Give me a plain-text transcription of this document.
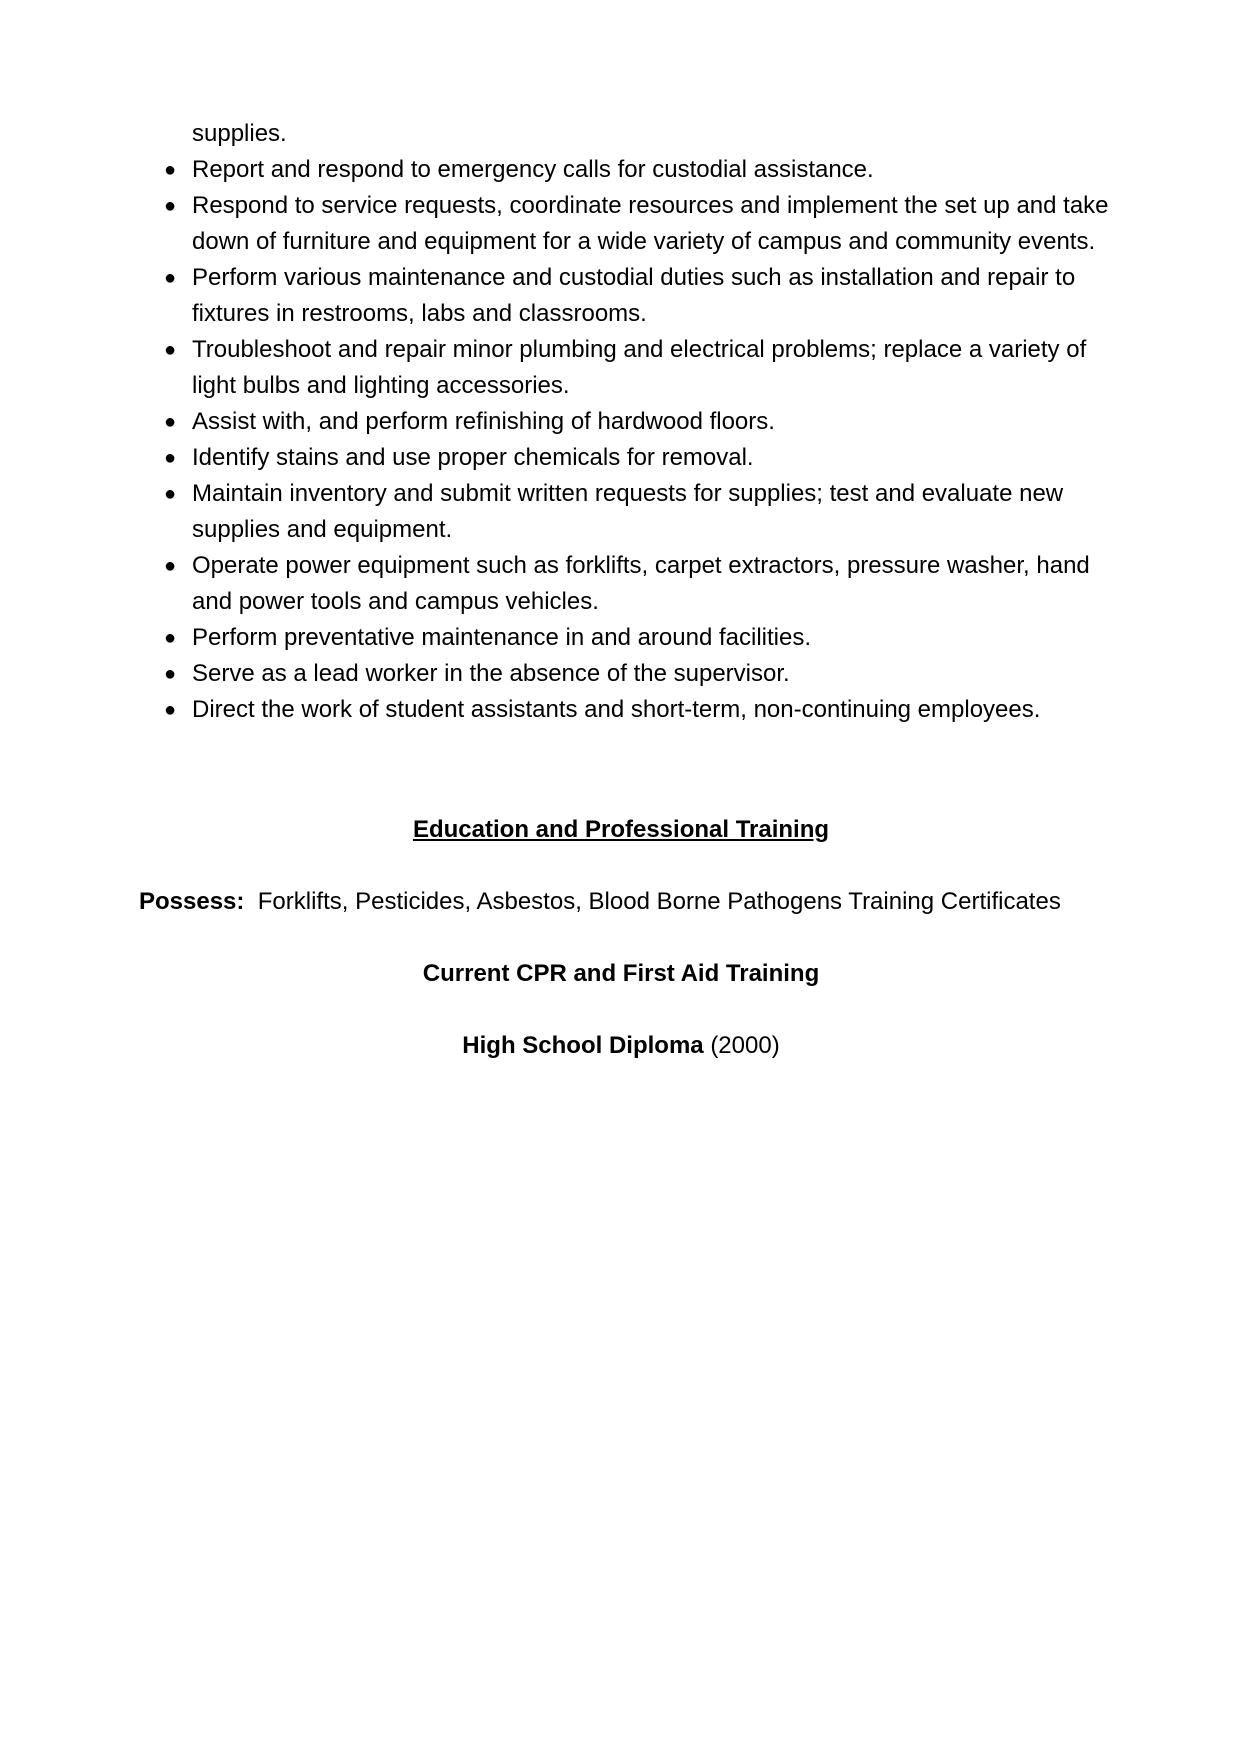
supplies.

● Report and respond to emergency calls for custodial assistance.
● Respond to service requests, coordinate resources and implement the set up and take down of furniture and equipment for a wide variety of campus and community events.
● Perform various maintenance and custodial duties such as installation and repair to fixtures in restrooms, labs and classrooms.
● Troubleshoot and repair minor plumbing and electrical problems; replace a variety of light bulbs and lighting accessories.
● Assist with, and perform refinishing of hardwood floors.
● Identify stains and use proper chemicals for removal.
● Maintain inventory and submit written requests for supplies; test and evaluate new supplies and equipment.
● Operate power equipment such as forklifts, carpet extractors, pressure washer, hand and power tools and campus vehicles.
● Perform preventative maintenance in and around facilities.
● Serve as a lead worker in the absence of the supervisor.
● Direct the work of student assistants and short-term, non-continuing employees.
Education and Professional Training

Possess: Forklifts, Pesticides, Asbestos, Blood Borne Pathogens Training Certificates

Current CPR and First Aid Training

High School Diploma (2000)
